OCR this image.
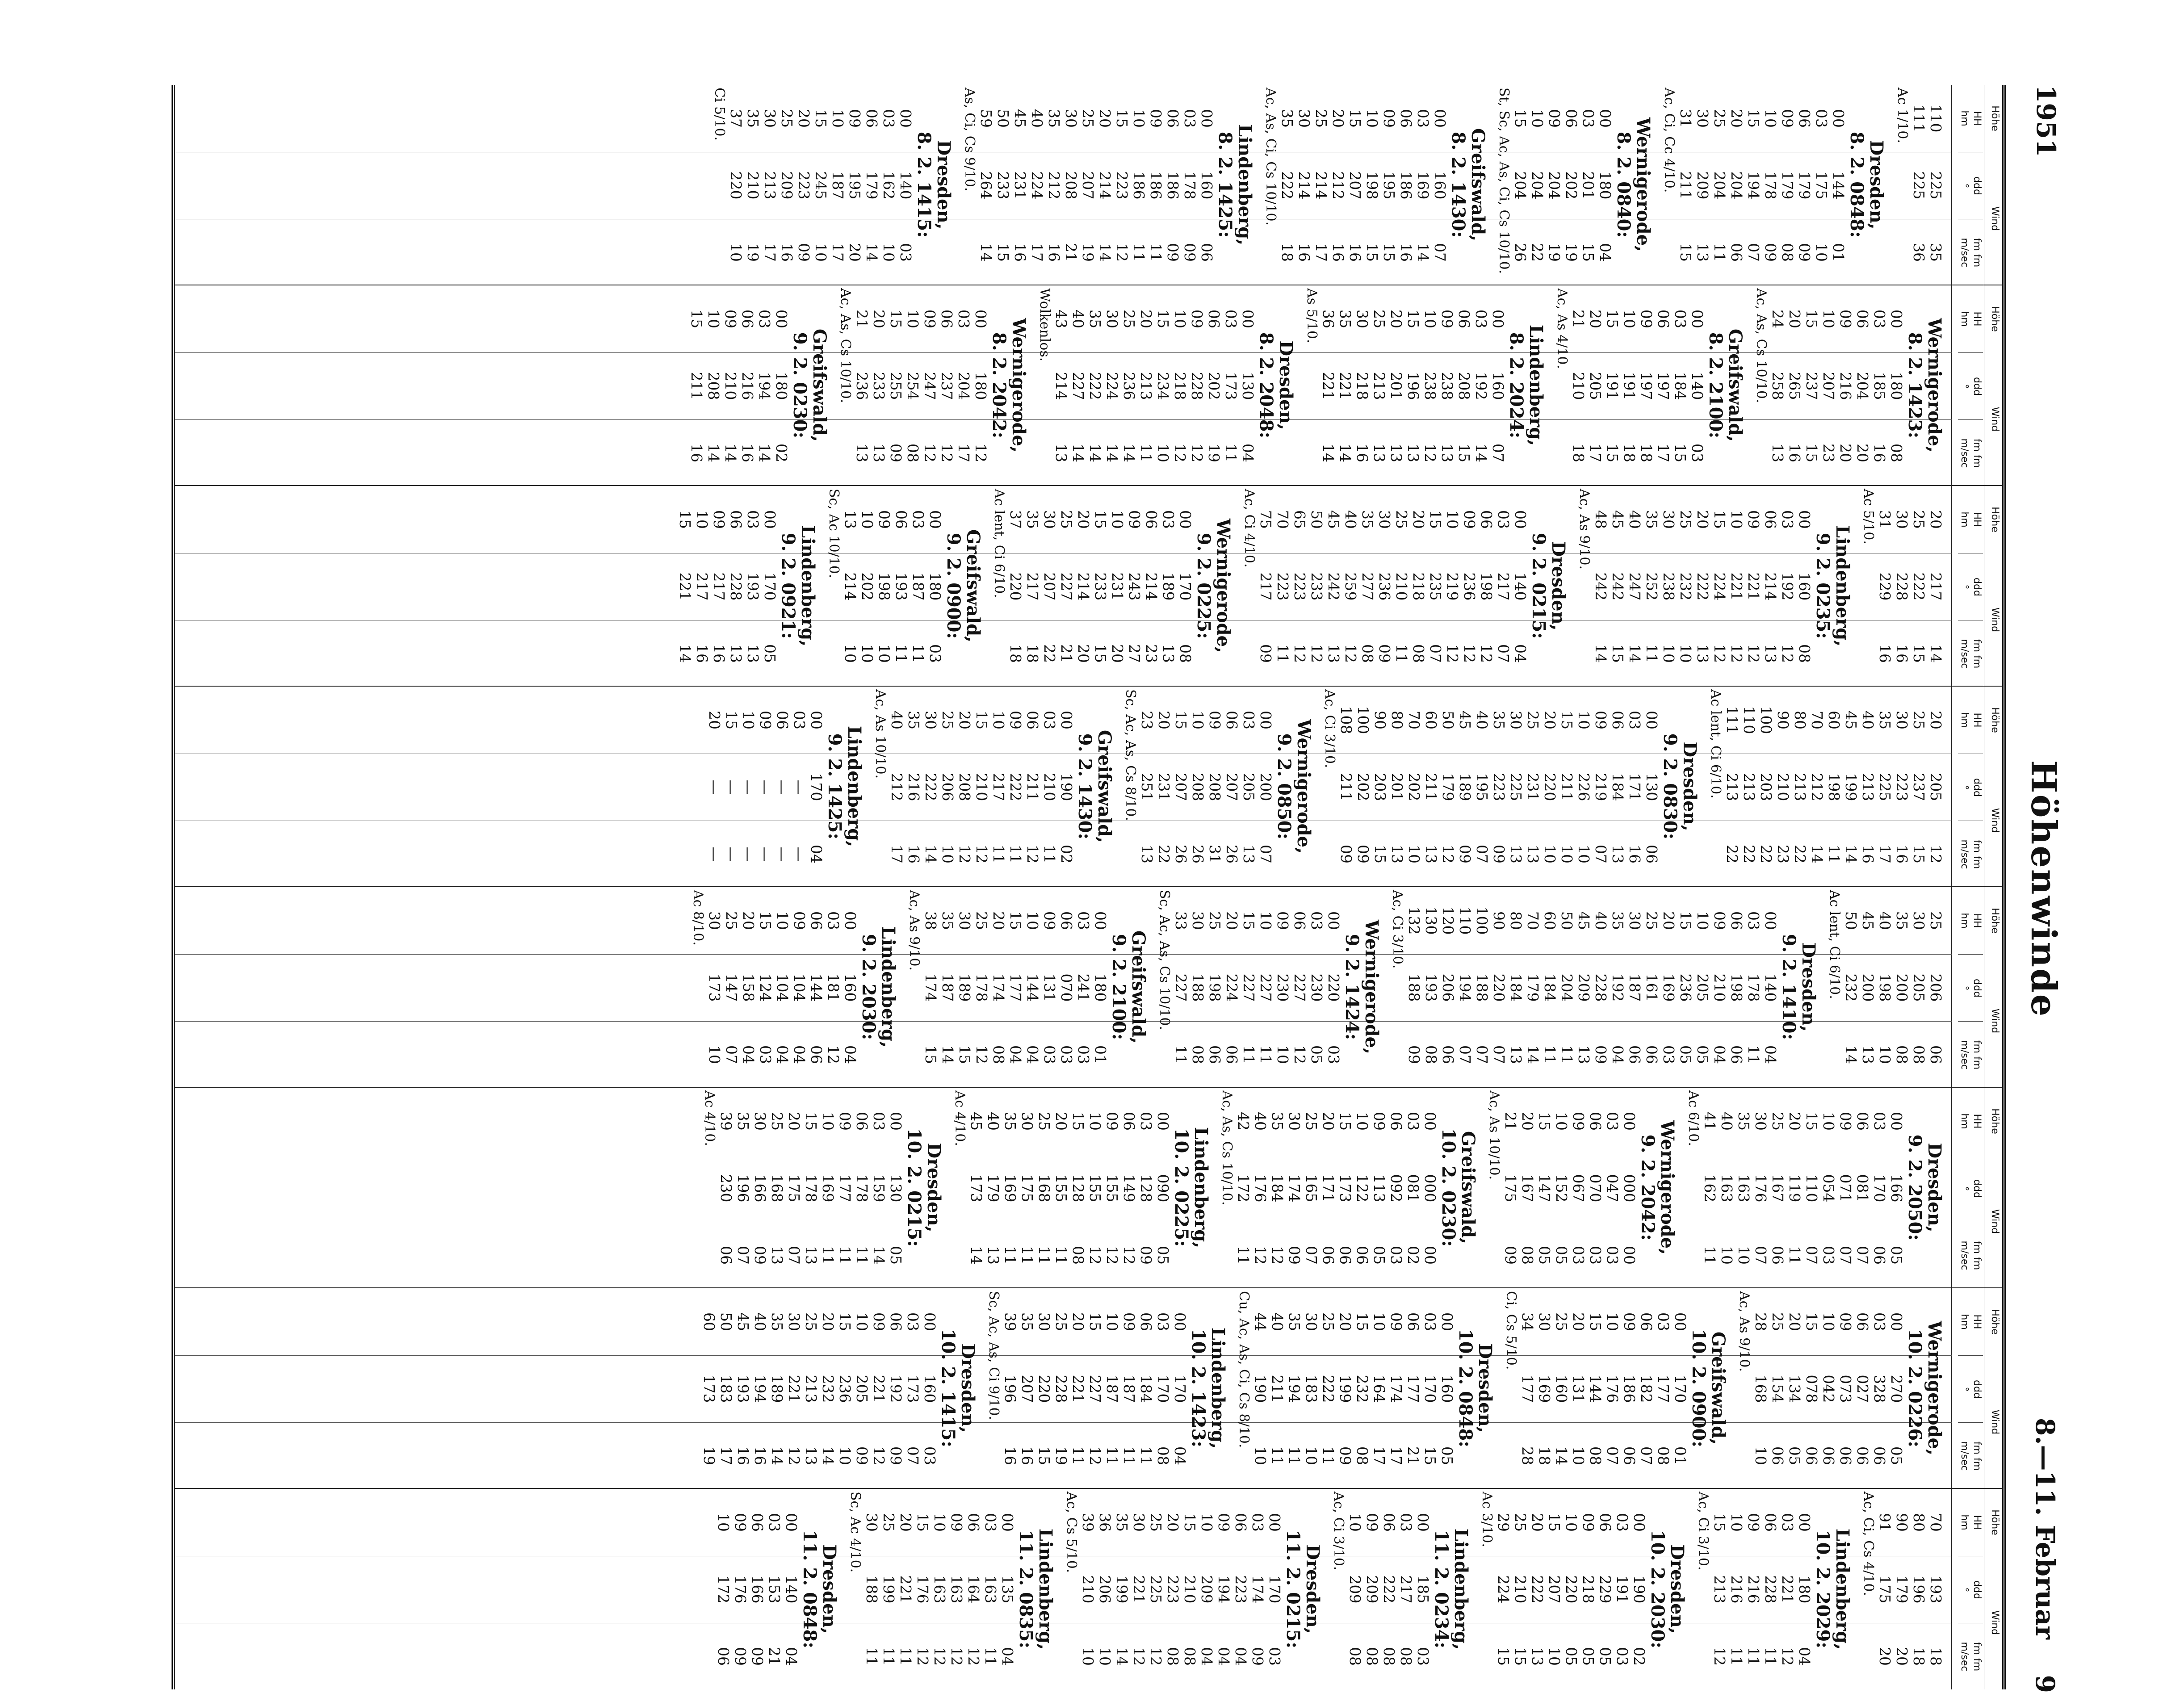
1951
Höhenwinde
8.—11. Februar
9
Höhe
Wind
HH
hm
ddd
°
fm fm
m/sec
110
225
35
111
225
36
Ac 1/10.
Dresden,
8. 2. 0848:
00
144
01
03
175
10
06
179
09
09
179
08
10
178
09
15
194
07
20
204
06
25
204
11
30
209
13
31
211
15
Ac, Ci, Cc 4/10.
Wernigerode,
8. 2. 0840:
00
180
04
03
201
15
06
202
19
09
204
19
10
204
22
15
204
26
St, Sc, Ac, As, Ci, Cs 10/10.
Greifswald,
8. 2. 1430:
00
160
07
03
169
14
06
186
16
09
195
15
10
198
15
15
207
16
20
212
16
25
214
17
30
214
16
35
222
18
Ac, As, Ci, Cs 10/10.
Lindenberg,
8. 2. 1425:
00
160
06
03
178
09
06
186
09
09
186
11
10
186
11
15
223
12
20
214
14
25
207
19
30
208
21
35
212
16
40
224
17
45
231
16
50
233
15
59
264
14
As, Ci, Cs 9/10.
Dresden,
8. 2. 1415:
00
140
03
03
162
10
06
179
14
09
195
20
10
187
17
15
245
10
20
223
09
25
209
16
30
213
17
35
210
19
37
220
10
Ci 5/10.
Höhe
Wind
HH
hm
ddd
°
fm fm
m/sec
Wernigerode,
8. 2. 1423:
00
180
08
03
185
16
06
204
20
09
216
20
10
207
23
15
237
15
20
265
16
24
258
13
Ac, As, Cs 10/10.
Greifswald,
8. 2. 2100:
00
140
03
03
184
15
06
197
17
09
197
18
10
191
18
15
191
15
20
205
17
21
210
18
Ac, As 4/10.
Lindenberg,
8. 2. 2024:
00
160
07
03
192
14
06
208
15
09
238
13
10
238
12
15
196
13
20
201
13
25
213
13
30
218
16
35
221
14
36
221
14
As 5/10.
Dresden,
8. 2. 2048:
00
130
04
03
173
11
06
202
19
09
228
12
10
218
12
15
234
10
20
213
11
25
236
14
30
224
14
35
222
14
40
227
14
43
214
13
Wolkenlos.
Wernigerode,
8. 2. 2042:
00
180
12
03
204
17
06
237
12
09
247
12
10
254
08
15
255
09
20
233
13
21
236
13
Ac, As, Cs 10/10.
Greifswald,
9. 2. 0230:
00
180
02
03
194
14
06
216
16
09
210
14
10
208
14
15
211
16
Höhe
Wind
HH
hm
ddd
°
fm fm
m/sec
20
217
14
25
222
15
30
228
16
31
229
16
Ac 5/10.
Lindenberg,
9. 2. 0235:
00
160
08
03
192
12
06
214
13
09
221
12
10
221
12
15
224
12
20
222
13
25
232
10
30
238
10
35
252
11
40
247
14
45
242
15
48
242
14
Ac, As 9/10.
Dresden,
9. 2. 0215:
00
140
04
03
217
07
06
198
12
09
236
12
10
219
12
15
235
07
20
218
08
25
210
11
30
236
09
35
277
08
40
259
12
45
242
13
50
233
12
65
223
12
70
223
11
75
217
09
Ac, Ci 4/10.
Wernigerode,
9. 2. 0225:
00
170
08
03
189
13
06
214
23
09
243
27
10
231
20
15
233
15
20
214
20
25
227
21
30
207
22
35
217
18
37
220
18
Ac lent, Ci 6/10.
Greifswald,
9. 2. 0900:
00
180
03
03
187
11
06
193
11
09
198
10
10
202
10
13
214
10
Sc, Ac 10/10.
Lindenberg,
9. 2. 0921:
00
170
05
03
193
13
06
228
13
09
217
16
10
217
16
15
221
14
Höhe
Wind
HH
hm
ddd
°
fm fm
m/sec
20
205
12
25
237
15
30
223
16
35
225
17
40
213
16
45
199
14
60
198
11
70
212
14
80
213
22
90
210
23
100
203
22
110
213
22
111
213
22
Ac lent, Ci 6/10.
Dresden,
9. 2. 0830:
00
130
06
03
171
16
06
184
13
09
219
07
10
226
10
15
211
10
20
220
10
25
231
13
30
225
13
35
223
09
40
195
07
45
189
09
50
179
12
60
211
13
70
202
10
80
201
13
90
203
15
100
202
09
108
211
09
Ac, Ci 3/10.
Wernigerode,
9. 2. 0850:
00
200
07
03
205
13
06
207
26
09
208
31
10
208
26
15
207
26
20
231
22
23
251
13
Sc, Ac, As, Cs 8/10.
Greifswald,
9. 2. 1430:
00
190
02
03
210
11
06
211
12
09
222
11
10
217
11
15
210
12
20
208
12
25
206
10
30
222
14
35
216
16
40
212
17
Ac, As 10/10.
Lindenberg,
9. 2. 1425:
00
170
04
03
—
—
06
—
—
09
—
—
10
—
—
15
—
—
20
—
—
Höhe
Wind
HH
hm
ddd
°
fm fm
m/sec
25
206
06
30
205
08
35
200
08
40
198
10
45
200
13
50
232
14
Ac lent, Ci 6/10.
Dresden,
9. 2. 1410:
00
140
04
03
178
11
06
198
06
09
210
04
10
205
05
15
236
05
20
169
03
25
161
06
30
187
06
35
192
04
40
228
09
45
209
13
50
204
11
60
184
11
70
179
14
80
184
13
90
220
07
100
188
07
110
194
07
120
206
06
130
193
08
132
188
09
Ac, Ci 3/10.
Wernigerode,
9. 2. 1424:
00
220
03
03
230
05
06
227
12
09
230
10
10
227
11
15
227
11
20
224
06
25
198
06
30
188
08
33
227
11
Sc, Ac, As, Cs 10/10.
Greifswald,
9. 2. 2100:
00
180
01
03
241
03
06
070
03
09
131
03
10
144
04
15
177
04
20
174
08
25
178
12
30
189
15
35
187
14
38
174
15
Ac, As 9/10.
Lindenberg,
9. 2. 2030:
00
160
04
03
181
12
06
144
06
09
104
04
10
104
04
15
124
03
20
158
04
25
147
07
30
173
10
Ac 8/10.
Höhe
Wind
HH
hm
ddd
°
fm fm
m/sec
Dresden,
9. 2. 2050:
00
166
05
03
170
06
06
081
07
09
071
07
10
054
03
15
110
07
20
119
11
25
167
06
30
176
07
35
163
10
40
163
10
41
162
11
Ac 6/10.
Wernigerode,
9. 2. 2042:
00
000
00
03
047
03
06
070
03
09
067
03
10
152
05
15
147
05
20
167
08
21
175
09
Ac, As 10/10.
Greifswald,
10. 2. 0230:
00
000
00
03
081
02
06
092
03
09
113
05
10
122
06
15
173
06
20
171
06
25
165
07
30
174
09
35
184
12
40
176
12
42
172
11
Ac, As, Cs 10/10.
Lindenberg,
10. 2. 0225:
00
090
05
03
128
09
06
149
12
09
155
12
10
155
12
15
128
08
20
155
11
25
168
11
30
175
11
35
169
11
40
179
13
45
173
14
Ac 4/10.
Dresden,
10. 2. 0215:
00
130
05
03
159
14
06
178
11
09
177
11
10
169
11
15
178
13
20
175
07
25
168
13
30
166
09
35
196
07
39
230
06
Ac 4/10.
Höhe
Wind
HH
hm
ddd
°
fm fm
m/sec
Wernigerode,
10. 2. 0226:
00
270
05
03
328
06
06
027
06
09
073
06
10
042
06
15
078
06
20
134
05
25
154
06
28
168
10
Ac, As 9/10.
Greifswald,
10. 2. 0900:
00
170
01
03
177
08
06
182
07
09
186
06
10
176
07
15
144
08
20
131
10
25
160
14
30
169
18
34
177
28
Ci, Cs 5/10.
Dresden,
10. 2. 0848:
00
160
05
03
170
15
06
177
21
09
174
17
10
164
17
15
232
08
20
199
09
25
222
11
30
183
10
35
194
11
40
211
11
44
190
10
Cu, Ac, As, Ci, Cs 8/10.
Lindenberg,
10. 2. 1423:
00
170
04
03
170
08
06
184
11
09
187
11
10
187
11
15
227
12
20
221
11
25
228
19
30
220
15
35
207
16
39
196
16
Sc, Ac, As, Ci 9/10.
Dresden,
10. 2. 1415:
00
160
03
03
173
07
06
192
09
09
221
12
10
205
09
15
236
10
20
232
14
25
213
13
30
221
12
35
189
14
40
194
16
45
193
16
50
183
17
60
173
19
Höhe
Wind
HH
hm
ddd
°
fm fm
m/sec
70
193
18
80
196
18
90
179
20
91
175
20
Ac, Ci, Cs 4/10.
Lindenberg,
10. 2. 2029:
00
180
04
03
221
12
06
228
11
09
216
11
10
216
11
15
213
12
Ac, Ci 3/10.
Dresden,
10. 2. 2030:
00
190
02
03
191
03
06
229
05
09
218
05
10
220
05
15
207
10
20
222
13
25
210
15
29
224
15
Ac 3/10.
Lindenberg,
11. 2. 0234:
00
185
03
03
217
08
06
222
08
09
209
08
10
209
08
Ac, Ci 3/10.
Dresden,
11. 2. 0215:
00
170
03
03
174
09
06
223
04
09
194
04
10
209
04
15
210
08
20
223
08
25
225
12
30
221
12
35
199
14
36
206
10
39
210
10
Ac, Cs 5/10.
Lindenberg,
11. 2. 0835:
00
135
04
03
163
11
06
164
12
09
163
12
10
163
12
15
176
12
20
221
11
25
199
11
30
188
11
Sc, Ac 4/10.
Dresden,
11. 2. 0848:
00
140
04
03
153
21
06
166
09
09
176
09
10
172
06
